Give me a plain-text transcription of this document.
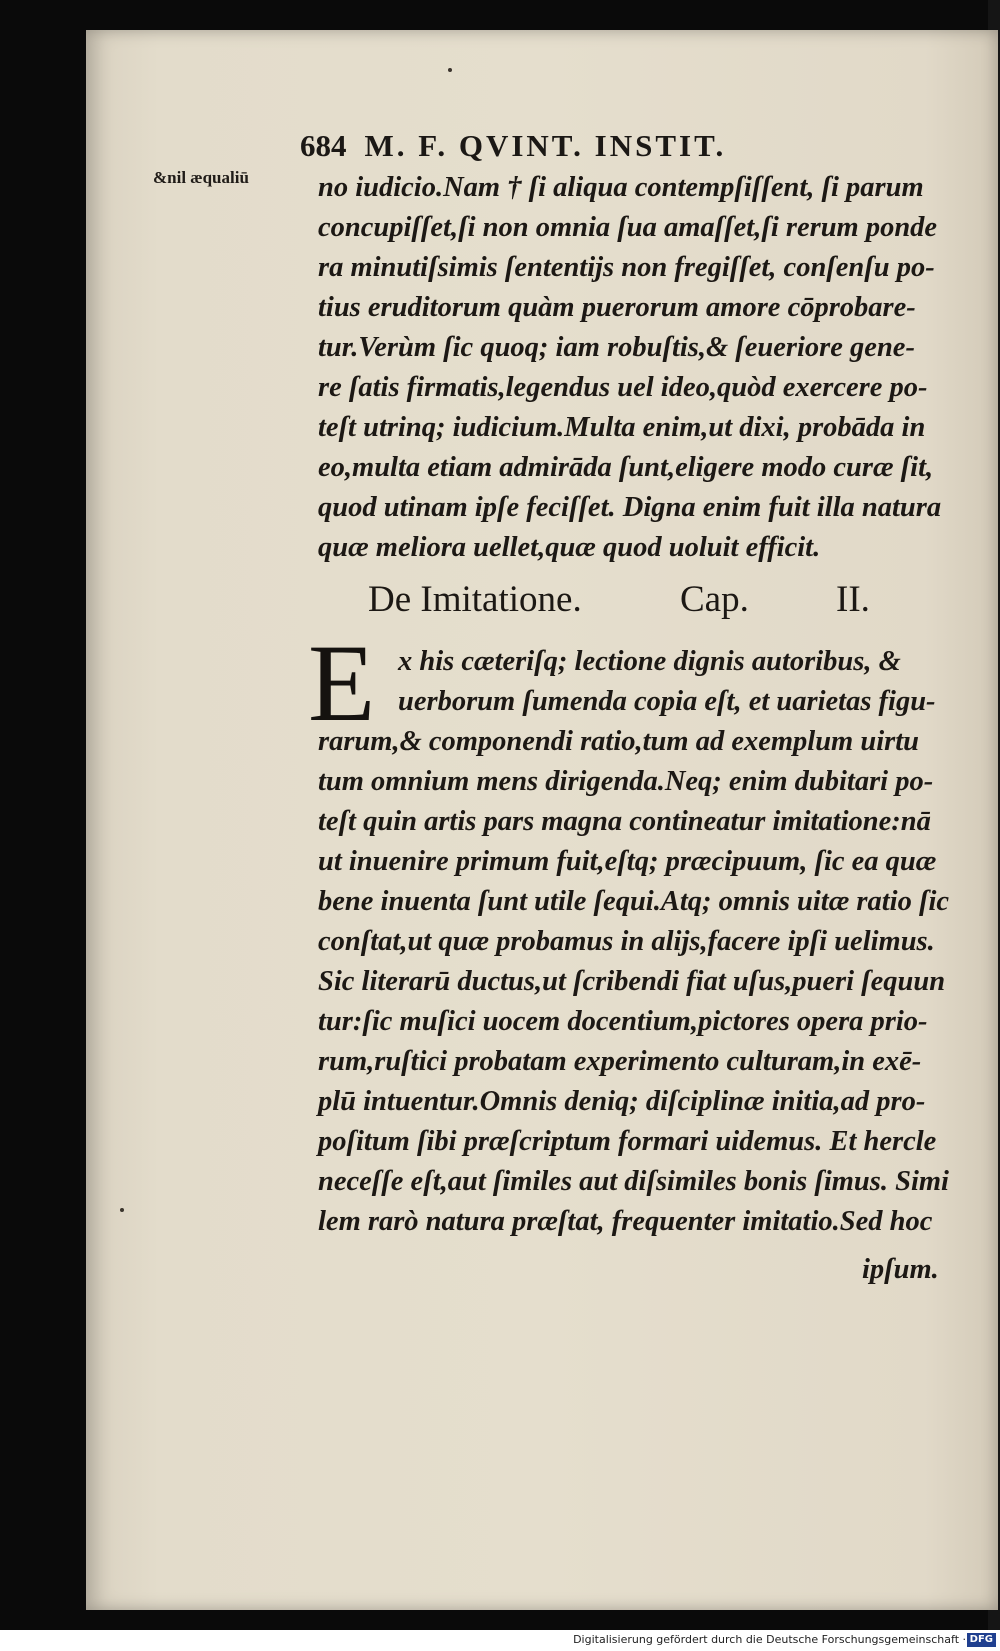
684 M. F. QVINT. INSTIT.
&nil æqualiū no iudicio.Nam † ſi aliqua contempſiſſent, ſi parum
concupiſſet,ſi non omnia ſua amaſſet,ſi rerum ponde
ra minutiſsimis ſententijs non fregiſſet, conſenſu po-
tius eruditorum quàm puerorum amore cōprobare-
tur.Verùm ſic quoq; iam robuſtis,& ſeueriore gene-
re ſatis firmatis,legendus uel ideo,quòd exercere po-
teſt utrinq; iudicium.Multa enim,ut dixi, probāda in
eo,multa etiam admirāda ſunt,eligere modo curæ ſit,
quod utinam ipſe feciſſet. Digna enim fuit illa natura
quæ meliora uellet,quæ quod uoluit efficit.
De Imitatione.	Cap. II.
E x his cæteriſq; lectione dignis autoribus, &
uerborum ſumenda copia eſt, et uarietas figu-
rarum,& componendi ratio,tum ad exemplum uirtu
tum omnium mens dirigenda.Neq; enim dubitari po-
teſt quin artis pars magna contineatur imitatione:nā
ut inuenire primum fuit,eſtq; præcipuum, ſic ea quæ
bene inuenta ſunt utile ſequi.Atq; omnis uitæ ratio ſic
conſtat,ut quæ probamus in alijs,facere ipſi uelimus.
Sic literarū ductus,ut ſcribendi fiat uſus,pueri ſequun
tur:ſic muſici uocem docentium,pictores opera prio-
rum,ruſtici probatam experimento culturam,in exē-
plū intuentur.Omnis deniq; diſciplinæ initia,ad pro-
poſitum ſibi præſcriptum formari uidemus. Et hercle
neceſſe eſt,aut ſimiles aut diſsimiles bonis ſimus. Simi
lem rarò natura præſtat, frequenter imitatio.Sed hoc
ipſum.
Digitalisierung gefördert durch die Deutsche Forschungsgemeinschaft · DFG
